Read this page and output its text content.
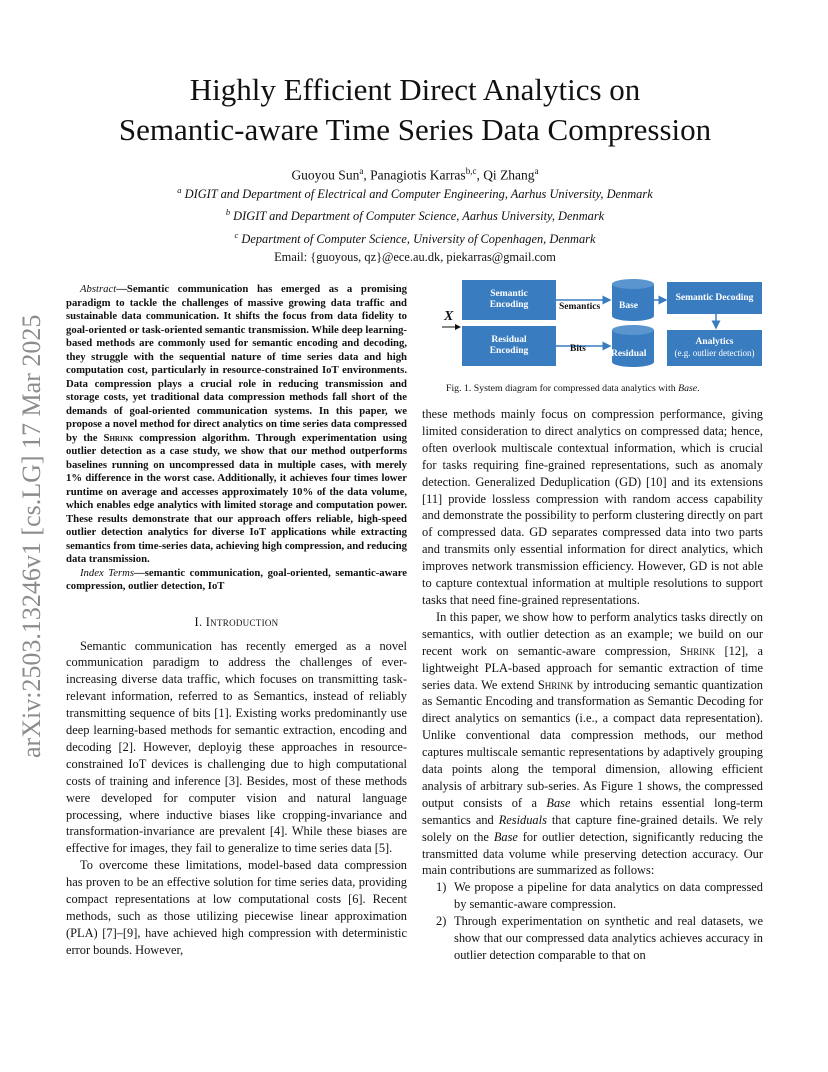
arXiv:2503.13246v1 [cs.LG] 17 Mar 2025
Highly Efficient Direct Analytics on
Semantic-aware Time Series Data Compression
Guoyou Sun$^a$, Panagiotis Karras$^{b,c}$, Qi Zhang$^a$
$^a$ DIGIT and Department of Electrical and Computer Engineering, Aarhus University, Denmark
$^b$ DIGIT and Department of Computer Science, Aarhus University, Denmark
$^c$ Department of Computer Science, University of Copenhagen, Denmark
Email: {guoyous, qz}@ece.au.dk, piekarras@gmail.com

Abstract—Semantic communication has emerged as a promising paradigm to tackle the challenges of massive growing data traffic and sustainable data communication. It shifts the focus from data fidelity to goal-oriented or task-oriented semantic transmission. While deep learning-based methods are commonly used for semantic encoding and decoding, they struggle with the sequential nature of time series data and high computation cost, particularly in resource-constrained IoT environments. Data compression plays a crucial role in reducing transmission and storage costs, yet traditional data compression methods fall short of the demands of goal-oriented communication systems. In this paper, we propose a novel method for direct analytics on time series data compressed by the Shrink compression algorithm. Through experimentation using outlier detection as a case study, we show that our method outperforms baselines running on uncompressed data in multiple cases, with merely 1% difference in the worst case. Additionally, it achieves four times lower runtime on average and accesses approximately 10% of the data volume, which enables edge analytics with limited storage and computation power. These results demonstrate that our approach offers reliable, high-speed outlier detection analytics for diverse IoT applications while extracting semantics from time-series data, achieving high compression, and reducing data transmission.

Index Terms—semantic communication, goal-oriented, semantic-aware compression, outlier detection, IoT

I. Introduction

Semantic communication has recently emerged as a novel communication paradigm to address the challenges of ever-increasing diverse data traffic, which focuses on transmitting task-relevant information, referred to as Semantics, instead of reliably transmitting sequence of bits [1]. Existing works predominantly use deep learning-based methods for semantic extraction, encoding and decoding [2]. However, deployig these approaches in resource-constrained IoT devices is challenging due to high computational costs of training and inference [3]. Besides, most of these methods were developed for computer vision and natural language processing, where inductive biases like cropping-invariance and transformation-invariance are prevalent [4]. While these biases are effective for images, they fail to generalize to time series data [5].

To overcome these limitations, model-based data compression has proven to be an effective solution for time series data, providing compact representations at low computational costs [6]. Recent methods, such as those utilizing piecewise linear approximation (PLA) [7]–[9], have achieved high compression with deterministic error bounds. However,

X
Semantic
Encoding
Residual
Encoding
Semantics
Bits
Base
Residual
Semantic Decoding
Analytics
(e.g. outlier detection)
Fig. 1. System diagram for compressed data analytics with Base.

these methods mainly focus on compression performance, giving limited consideration to direct analytics on compressed data; hence, often overlook multiscale contextual information, which is crucial for tasks requiring fine-grained representations, such as anomaly detection. Generalized Deduplication (GD) [10] and its extensions [11] provide lossless compression with random access capability and demonstrate the possibility to perform clustering directly on part of compressed data. GD separates compressed data into two parts and transmits only essential information for direct analytics, which improves network transmission efficiency. However, GD is not able to capture contextual information at multiple resolutions to support tasks that need fine-grained representations.

In this paper, we show how to perform analytics tasks directly on semantics, with outlier detection as an example; we build on our recent work on semantic-aware compression, Shrink [12], a lightweight PLA-based approach for semantic extraction of time series data. We extend Shrink by introducing semantic quantization as Semantic Encoding and transformation as Semantic Decoding for direct analytics on semantics (i.e., a compact data representation). Unlike conventional data compression methods, our method captures multiscale semantic representations by adaptively grouping data points along the temporal dimension, allowing efficient analysis of arbitrary sub-series. As Figure 1 shows, the compressed output consists of a Base which retains essential long-term semantics and Residuals that capture fine-grained details. We rely solely on the Base for outlier detection, significantly reducing the transmitted data volume while preserving detection accuracy. Our main contributions are summarized as follows:

1) We propose a pipeline for data analytics on data compressed by semantic-aware compression.
2) Through experimentation on synthetic and real datasets, we show that our compressed data analytics achieves accuracy in outlier detection comparable to that on
